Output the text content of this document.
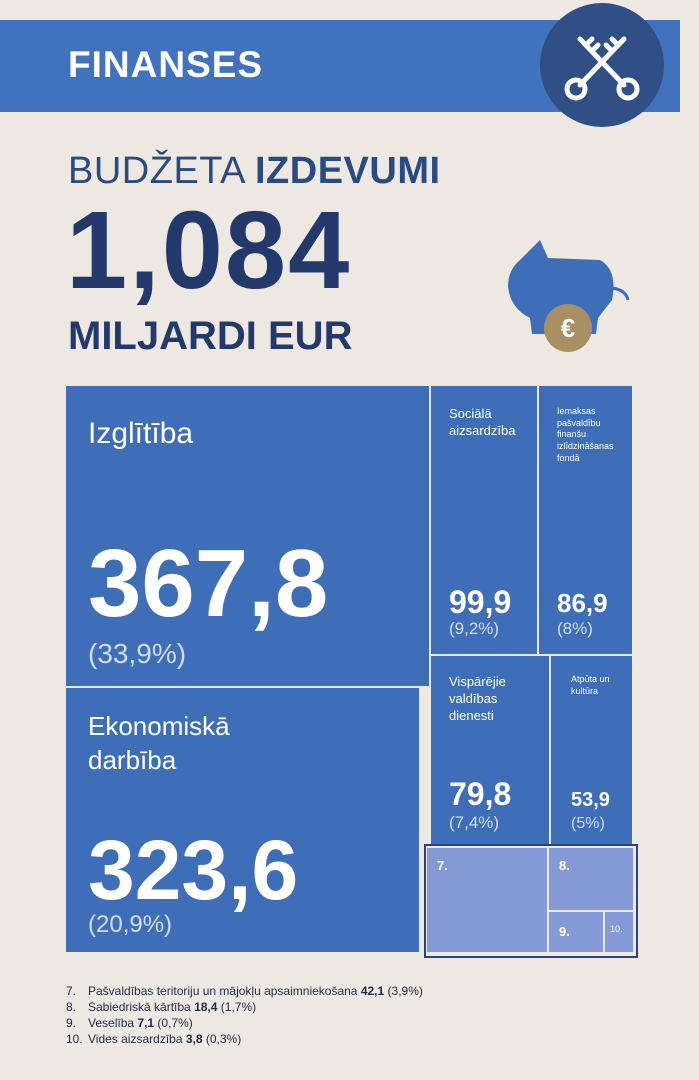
FINANSES
BUDŽETA IZDEVUMI
1,084
MILJARDI EUR	€
Izglītība
367,8
(33,9%)
Ekonomiskā darbība
323,6
(20,9%)
Sociālā aizsardzība
99,9
(9,2%)
Iemaksas pašvaldību finanšu izlīdzināšanas fondā
86,9
(8%)
Vispārējie valdības dienesti
79,8
(7,4%)
Atpūta un kultūra
53,9
(5%)
7.	8.
9.	10.
7. Pašvaldības teritoriju un mājokļu apsaimniekošana 42,1 (3,9%)
8. Sabiedriskā kārtība 18,4 (1,7%)
9. Veselība 7,1 (0,7%)
10. Vides aizsardzība 3,8 (0,3%)
